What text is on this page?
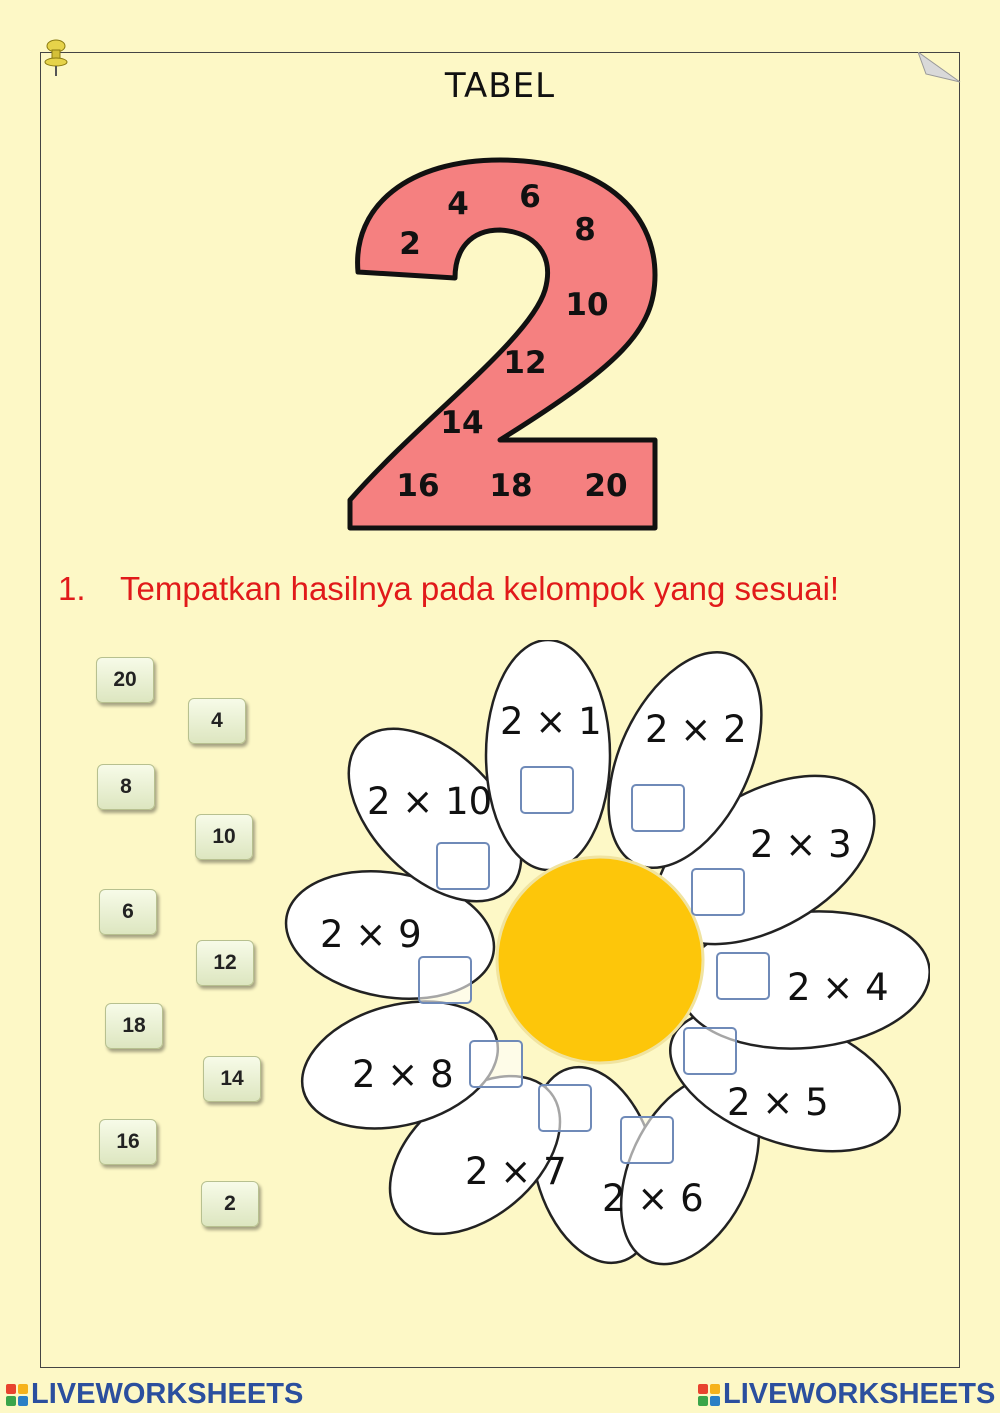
TABEL
2
4 6
8
10
12
14
16 18 20
1. Tempatkan hasilnya pada kelompok yang sesuai!
20
4
8
10
6
12
18
14
16
2
2 × 1 2 × 2
2 × 3
2 × 4
2 × 5
2 × 6
2 × 7
2 × 8
2 × 9
2 × 10
LIVEWORKSHEETS	LIVEWORKSHEETS
